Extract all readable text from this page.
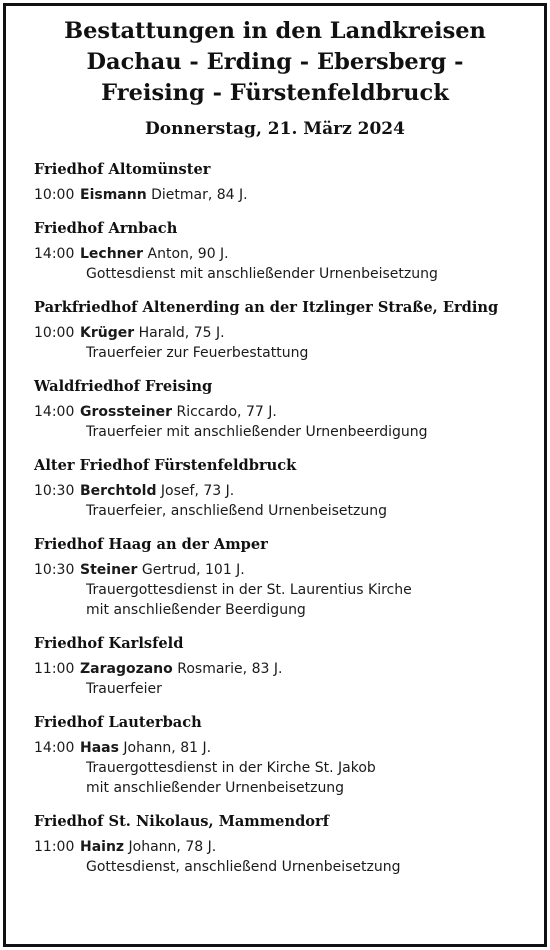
Bestattungen in den Landkreisen
Dachau - Erding - Ebersberg -
Freising - Fürstenfeldbruck
Donnerstag, 21. März 2024
Friedhof Altomünster
10:00 Eismann Dietmar, 84 J.
Friedhof Arnbach
14:00 Lechner Anton, 90 J.
Gottesdienst mit anschließender Urnenbeisetzung
Parkfriedhof Altenerding an der Itzlinger Straße, Erding
10:00 Krüger Harald, 75 J.
Trauerfeier zur Feuerbestattung
Waldfriedhof Freising
14:00 Grossteiner Riccardo, 77 J.
Trauerfeier mit anschließender Urnenbeerdigung
Alter Friedhof Fürstenfeldbruck
10:30 Berchtold Josef, 73 J.
Trauerfeier, anschließend Urnenbeisetzung
Friedhof Haag an der Amper
10:30 Steiner Gertrud, 101 J.
Trauergottesdienst in der St. Laurentius Kirche
mit anschließender Beerdigung
Friedhof Karlsfeld
11:00 Zaragozano Rosmarie, 83 J.
Trauerfeier
Friedhof Lauterbach
14:00 Haas Johann, 81 J.
Trauergottesdienst in der Kirche St. Jakob
mit anschließender Urnenbeisetzung
Friedhof St. Nikolaus, Mammendorf
11:00 Hainz Johann, 78 J.
Gottesdienst, anschließend Urnenbeisetzung
